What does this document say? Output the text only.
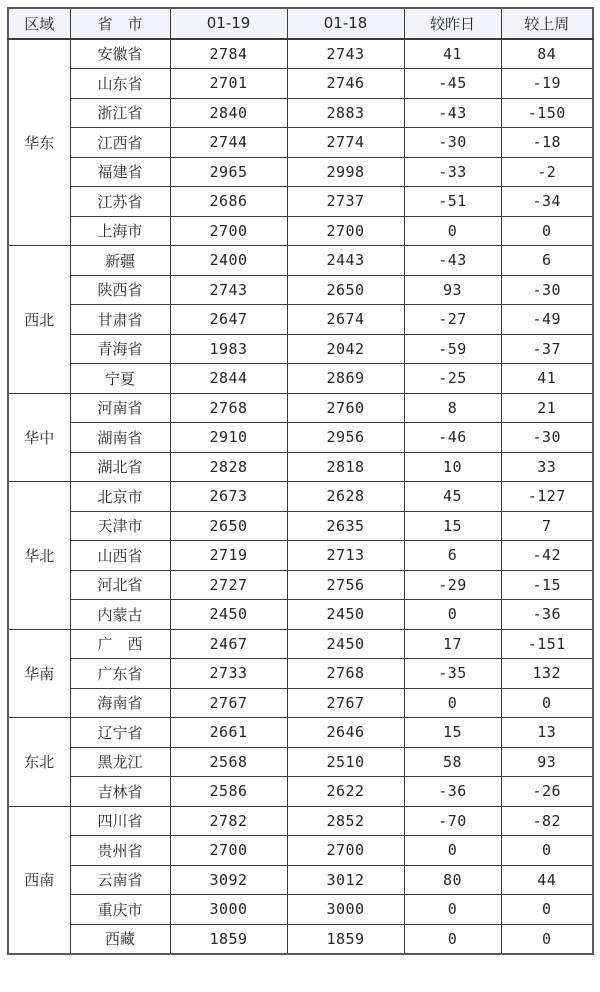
区域	省　市	01-19	01-18	较昨日	较上周
华东	安徽省	2784	2743	41	84
	山东省	2701	2746	-45	-19
	浙江省	2840	2883	-43	-150
	江西省	2744	2774	-30	-18
	福建省	2965	2998	-33	-2
	江苏省	2686	2737	-51	-34
	上海市	2700	2700	0	0
西北	新疆	2400	2443	-43	6
	陕西省	2743	2650	93	-30
	甘肃省	2647	2674	-27	-49
	青海省	1983	2042	-59	-37
	宁夏	2844	2869	-25	41
华中	河南省	2768	2760	8	21
	湖南省	2910	2956	-46	-30
	湖北省	2828	2818	10	33
华北	北京市	2673	2628	45	-127
	天津市	2650	2635	15	7
	山西省	2719	2713	6	-42
	河北省	2727	2756	-29	-15
	内蒙古	2450	2450	0	-36
华南	广　西	2467	2450	17	-151
	广东省	2733	2768	-35	132
	海南省	2767	2767	0	0
东北	辽宁省	2661	2646	15	13
	黑龙江	2568	2510	58	93
	吉林省	2586	2622	-36	-26
西南	四川省	2782	2852	-70	-82
	贵州省	2700	2700	0	0
	云南省	3092	3012	80	44
	重庆市	3000	3000	0	0
	西藏	1859	1859	0	0
